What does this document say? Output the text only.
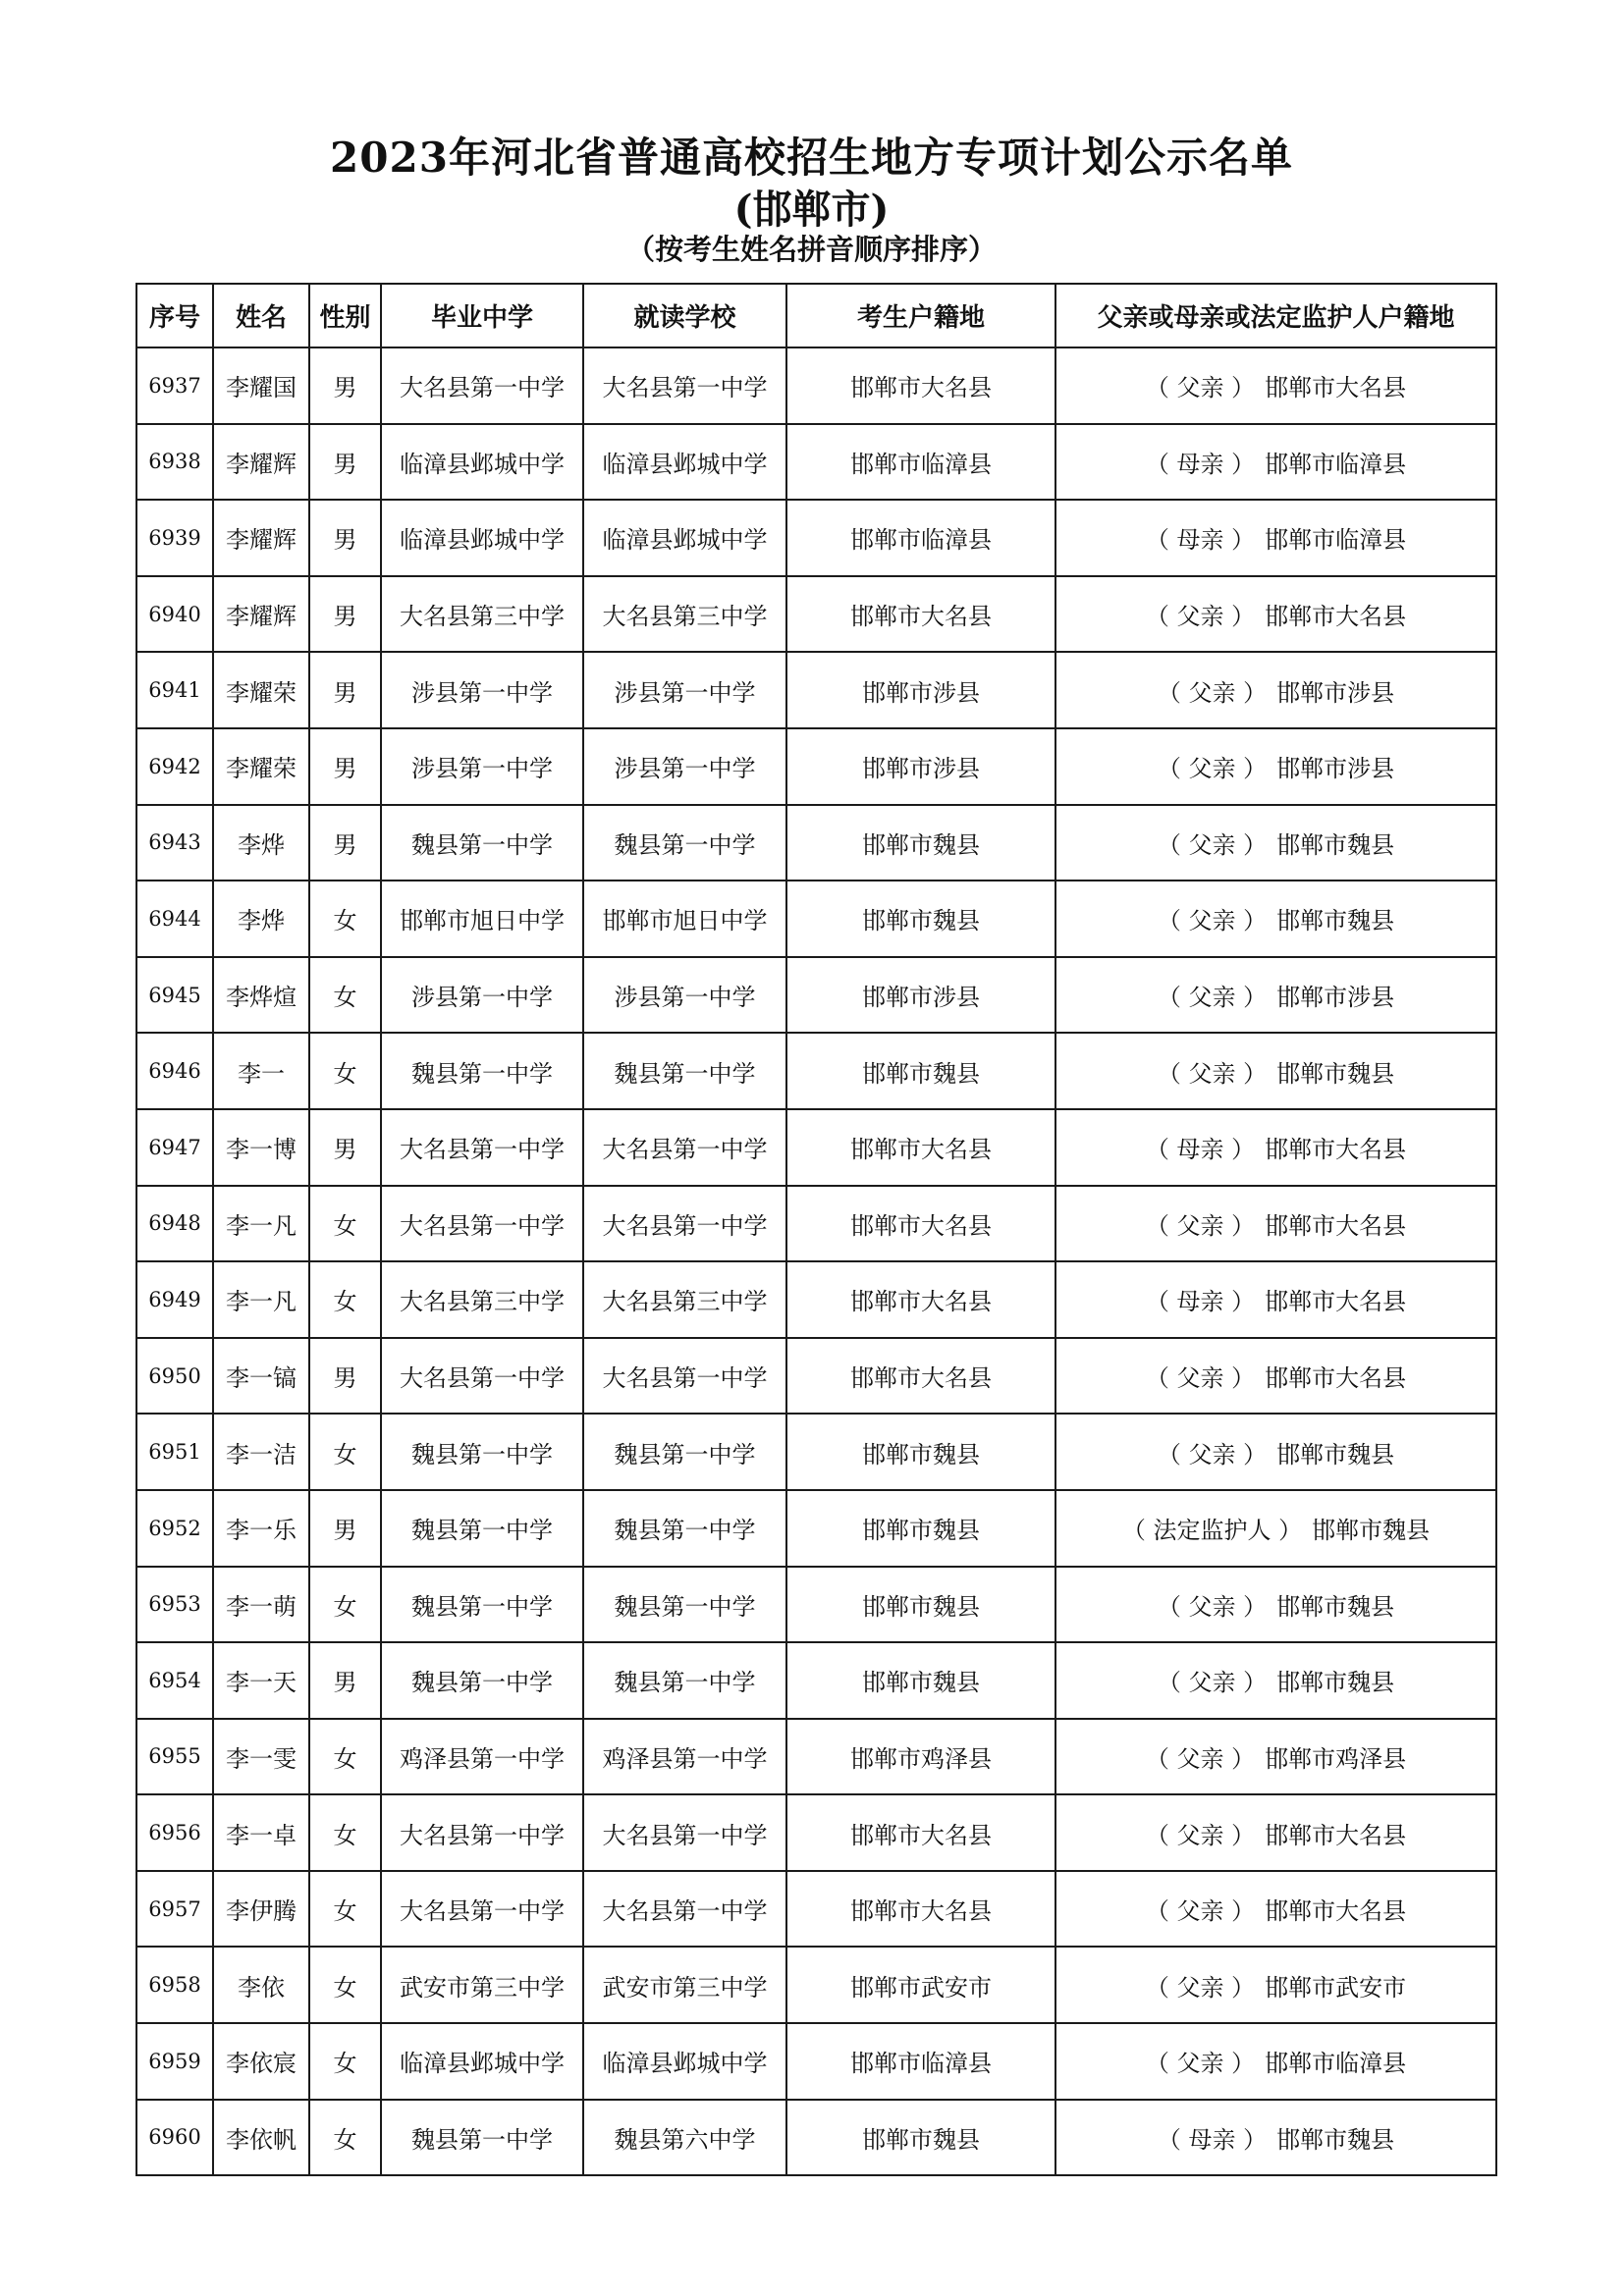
2023年河北省普通高校招生地方专项计划公示名单
(邯郸市)
（按考生姓名拼音顺序排序）
序号	姓名	性别	毕业中学	就读学校	考生户籍地	父亲或母亲或法定监护人户籍地
6937	李耀国	男	大名县第一中学	大名县第一中学	邯郸市大名县	（ 父亲 ） 邯郸市大名县
6938	李耀辉	男	临漳县邺城中学	临漳县邺城中学	邯郸市临漳县	（ 母亲 ） 邯郸市临漳县
6939	李耀辉	男	临漳县邺城中学	临漳县邺城中学	邯郸市临漳县	（ 母亲 ） 邯郸市临漳县
6940	李耀辉	男	大名县第三中学	大名县第三中学	邯郸市大名县	（ 父亲 ） 邯郸市大名县
6941	李耀荣	男	涉县第一中学	涉县第一中学	邯郸市涉县	（ 父亲 ） 邯郸市涉县
6942	李耀荣	男	涉县第一中学	涉县第一中学	邯郸市涉县	（ 父亲 ） 邯郸市涉县
6943	李烨	男	魏县第一中学	魏县第一中学	邯郸市魏县	（ 父亲 ） 邯郸市魏县
6944	李烨	女	邯郸市旭日中学	邯郸市旭日中学	邯郸市魏县	（ 父亲 ） 邯郸市魏县
6945	李烨煊	女	涉县第一中学	涉县第一中学	邯郸市涉县	（ 父亲 ） 邯郸市涉县
6946	李一	女	魏县第一中学	魏县第一中学	邯郸市魏县	（ 父亲 ） 邯郸市魏县
6947	李一博	男	大名县第一中学	大名县第一中学	邯郸市大名县	（ 母亲 ） 邯郸市大名县
6948	李一凡	女	大名县第一中学	大名县第一中学	邯郸市大名县	（ 父亲 ） 邯郸市大名县
6949	李一凡	女	大名县第三中学	大名县第三中学	邯郸市大名县	（ 母亲 ） 邯郸市大名县
6950	李一镐	男	大名县第一中学	大名县第一中学	邯郸市大名县	（ 父亲 ） 邯郸市大名县
6951	李一洁	女	魏县第一中学	魏县第一中学	邯郸市魏县	（ 父亲 ） 邯郸市魏县
6952	李一乐	男	魏县第一中学	魏县第一中学	邯郸市魏县	（ 法定监护人 ） 邯郸市魏县
6953	李一萌	女	魏县第一中学	魏县第一中学	邯郸市魏县	（ 父亲 ） 邯郸市魏县
6954	李一天	男	魏县第一中学	魏县第一中学	邯郸市魏县	（ 父亲 ） 邯郸市魏县
6955	李一雯	女	鸡泽县第一中学	鸡泽县第一中学	邯郸市鸡泽县	（ 父亲 ） 邯郸市鸡泽县
6956	李一卓	女	大名县第一中学	大名县第一中学	邯郸市大名县	（ 父亲 ） 邯郸市大名县
6957	李伊腾	女	大名县第一中学	大名县第一中学	邯郸市大名县	（ 父亲 ） 邯郸市大名县
6958	李依	女	武安市第三中学	武安市第三中学	邯郸市武安市	（ 父亲 ） 邯郸市武安市
6959	李依宸	女	临漳县邺城中学	临漳县邺城中学	邯郸市临漳县	（ 父亲 ） 邯郸市临漳县
6960	李依帆	女	魏县第一中学	魏县第六中学	邯郸市魏县	（ 母亲 ） 邯郸市魏县
